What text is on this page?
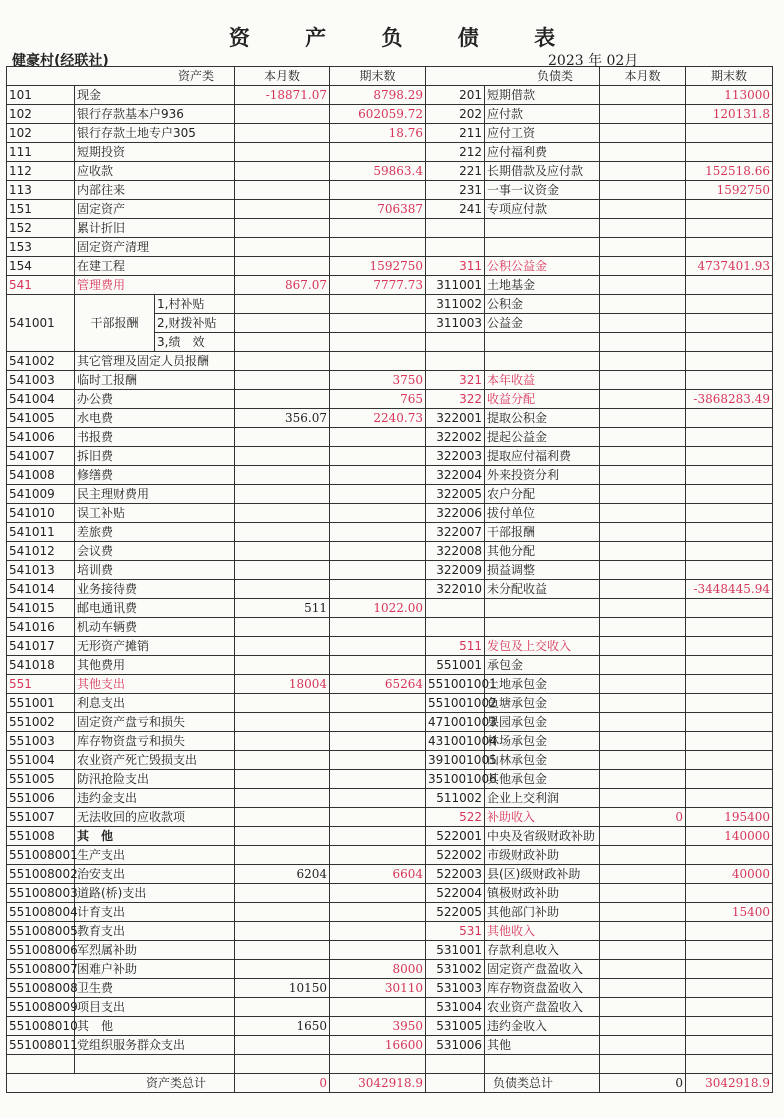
资 产 负 债 表
健豪村(经联社)	2023 年 02月
资产类			本月数	期末数	负债类		本月数	期末数
101	现金		-18871.07	8798.29	201	短期借款		113000
102	银行存款基本户936			602059.72	202	应付款		120131.8
102	银行存款土地专户305			18.76	211	应付工资		
111	短期投资				212	应付福利费		
112	应收款			59863.4	221	长期借款及应付款		152518.66
113	内部往来				231	一事一议资金		1592750
151	固定资产			706387	241	专项应付款		
152	累计折旧							
153	固定资产清理							
154	在建工程			1592750	311	公积公益金		4737401.93
541	管理费用		867.07	7777.73	311001	土地基金		
541001	干部报酬	1,村补贴			311002	公积金		
		2,财拨补贴			311003	公益金		
		3,绩　效						
541002	其它管理及固定人员报酬							
541003	临时工报酬			3750	321	本年收益		
541004	办公费			765	322	收益分配		-3868283.49
541005	水电费		356.07	2240.73	322001	提取公积金		
541006	书报费				322002	提起公益金		
541007	拆旧费				322003	提取应付福利费		
541008	修缮费				322004	外来投资分利		
541009	民主理财费用				322005	农户分配		
541010	误工补贴				322006	拔付单位		
541011	差旅费				322007	干部报酬		
541012	会议费				322008	其他分配		
541013	培训费				322009	损益调整		
541014	业务接待费				322010	未分配收益		-3448445.94
541015	邮电通讯费		511	1022.00				
541016	机动车辆费							
541017	无形资产摊销				511	发包及上交收入		
541018	其他费用				551001	承包金		
551	其他支出		18004	65264	551001001	土地承包金		
551001	利息支出				551001002	鱼塘承包金		
551002	固定资产盘亏和损失				471001003	果园承包金		
551003	库存物资盘亏和损失				431001004	林场承包金		
551004	农业资产死亡毁损支出				391001005	山林承包金		
551005	防汛抢险支出				351001006	其他承包金		
551006	违约金支出				511002	企业上交利润		
551007	无法收回的应收款项				522	补助收入	0	195400
551008	其　他				522001	中央及省级财政补助		140000
551008001	生产支出				522002	市级财政补助		
551008002	治安支出		6204	6604	522003	县(区)级财政补助		40000
551008003	道路(桥)支出				522004	镇极财政补助		
551008004	计育支出				522005	其他部门补助		15400
551008005	教育支出				531	其他收入		
551008006	军烈属补助				531001	存款利息收入		
551008007	困难户补助			8000	531002	固定资产盘盈收入		
551008008	卫生费		10150	30110	531003	库存物资盘盈收入		
551008009	项目支出				531004	农业资产盘盈收入		
551008010	其　他		1650	3950	531005	违约金收入		
551008011	党组织服务群众支出			16600	531006	其他		

资产类总计			0	3042918.9		负债类总计	0	3042918.9
